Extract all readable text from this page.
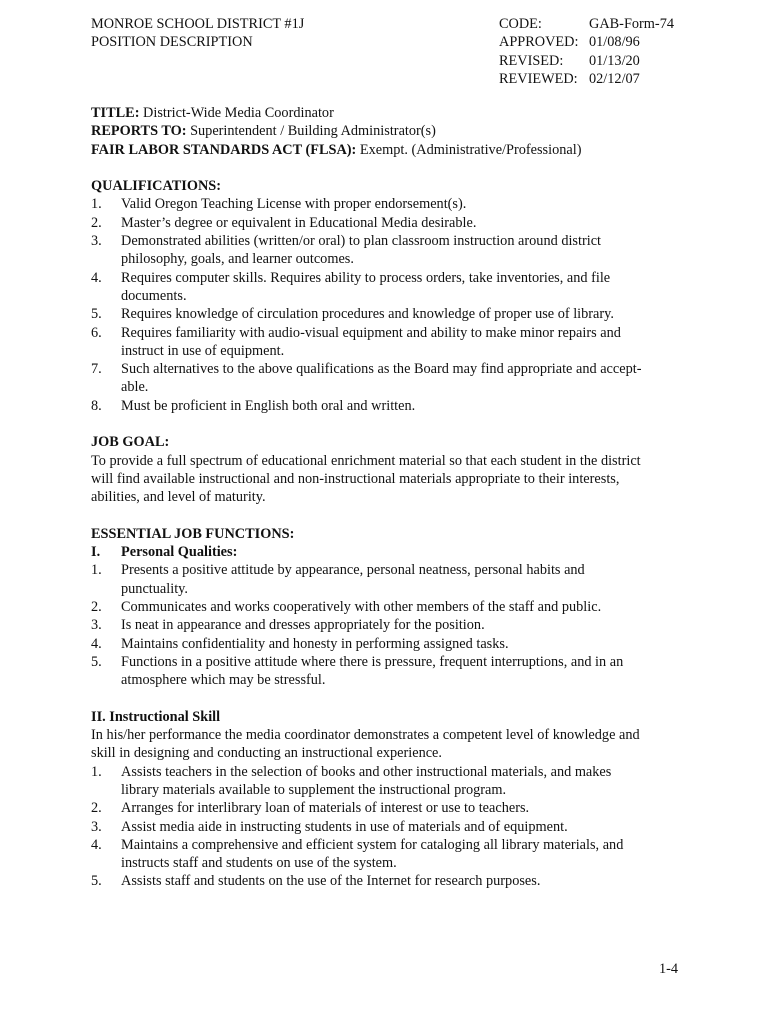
MONROE SCHOOL DISTRICT #1J
POSITION DESCRIPTION
CODE:	GAB-Form-74
APPROVED: 01/08/96
REVISED:	01/13/20
REVIEWED: 02/12/07
TITLE: District-Wide Media Coordinator
REPORTS TO: Superintendent / Building Administrator(s)
FAIR LABOR STANDARDS ACT (FLSA): Exempt. (Administrative/Professional)
QUALIFICATIONS:
1.	Valid Oregon Teaching License with proper endorsement(s).
2.	Master’s degree or equivalent in Educational Media desirable.
3.	Demonstrated abilities (written/or oral) to plan classroom instruction around district
philosophy, goals, and learner outcomes.
4.	Requires computer skills. Requires ability to process orders, take inventories, and file
documents.
5.	Requires knowledge of circulation procedures and knowledge of proper use of library.
6.	Requires familiarity with audio-visual equipment and ability to make minor repairs and
instruct in use of equipment.
7.	Such alternatives to the above qualifications as the Board may find appropriate and accept-
able.
8.	Must be proficient in English both oral and written.
JOB GOAL:
To provide a full spectrum of educational enrichment material so that each student in the district
will find available instructional and non-instructional materials appropriate to their interests,
abilities, and level of maturity.
ESSENTIAL JOB FUNCTIONS:
I.	Personal Qualities:
1.	Presents a positive attitude by appearance, personal neatness, personal habits and
punctuality.
2.	Communicates and works cooperatively with other members of the staff and public.
3.	Is neat in appearance and dresses appropriately for the position.
4.	Maintains confidentiality and honesty in performing assigned tasks.
5.	Functions in a positive attitude where there is pressure, frequent interruptions, and in an
atmosphere which may be stressful.
II. Instructional Skill
In his/her performance the media coordinator demonstrates a competent level of knowledge and
skill in designing and conducting an instructional experience.
1.	Assists teachers in the selection of books and other instructional materials, and makes
library materials available to supplement the instructional program.
2.	Arranges for interlibrary loan of materials of interest or use to teachers.
3.	Assist media aide in instructing students in use of materials and of equipment.
4.	Maintains a comprehensive and efficient system for cataloging all library materials, and
instructs staff and students on use of the system.
5.	Assists staff and students on the use of the Internet for research purposes.
1-4
